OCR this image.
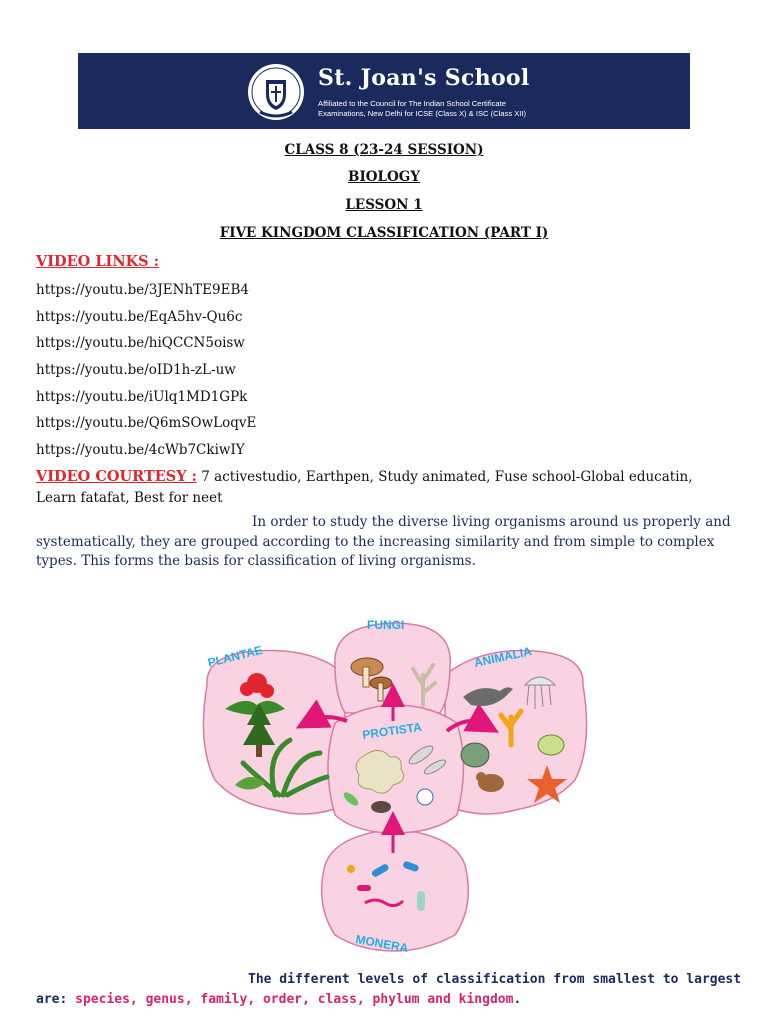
St. Joan's School
Affiliated to the Council for The Indian School Certificate
Examinations, New Delhi for ICSE (Class X) & ISC (Class XII)
CLASS 8 (23-24 SESSION)
BIOLOGY
LESSON 1
FIVE KINGDOM CLASSIFICATION (PART I)
VIDEO LINKS :
https://youtu.be/3JENhTE9EB4
https://youtu.be/EqA5hv-Qu6c
https://youtu.be/hiQCCN5oisw
https://youtu.be/oID1h-zL-uw
https://youtu.be/iUlq1MD1GPk
https://youtu.be/Q6mSOwLoqvE
https://youtu.be/4cWb7CkiwIY
VIDEO COURTESY : 7 activestudio, Earthpen, Study animated, Fuse school-Global educatin, Learn fatafat, Best for neet
In order to study the diverse living organisms around us properly and systematically, they are grouped according to the increasing similarity and from simple to complex types. This forms the basis for classification of living organisms.
FUNGI
PLANTAE	ANIMALIA
PROTISTA
MONERA
The different levels of classification from smallest to largest
are: species, genus, family, order, class, phylum and kingdom.
